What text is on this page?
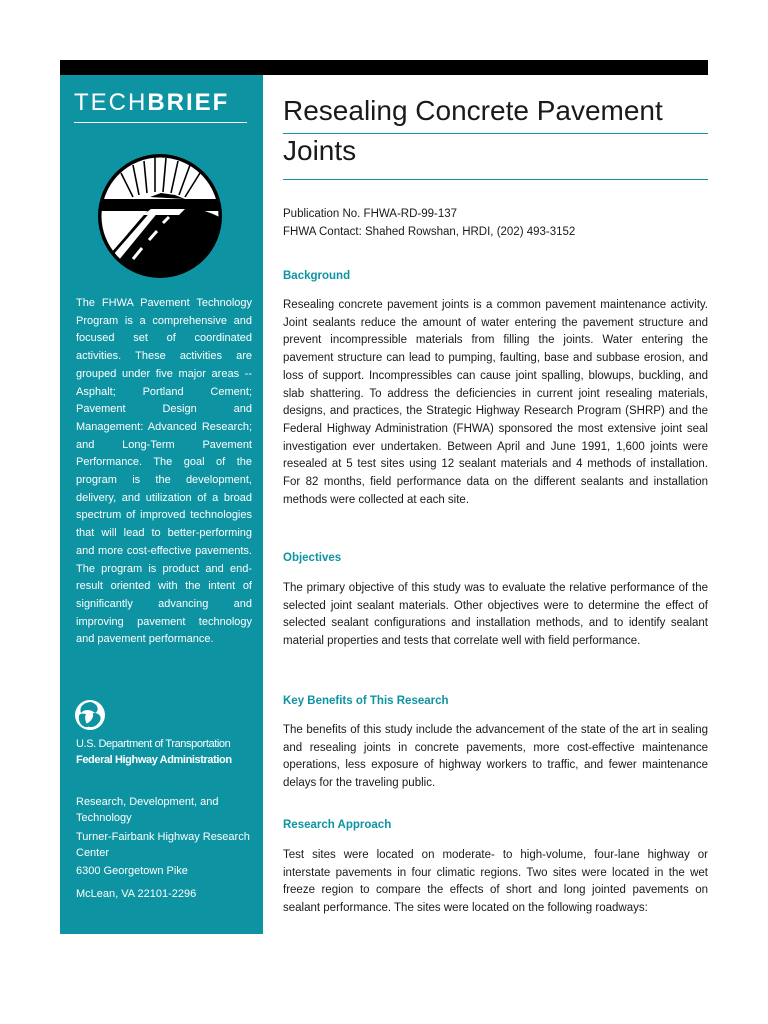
TECHBRIEF

The FHWA Pavement Technology Program is a comprehensive and focused set of coordinated activities. These activities are grouped under five major areas -- Asphalt; Portland Cement; Pavement Design and Management: Advanced Research; and Long-Term Pavement Performance. The goal of the program is the development, delivery, and utilization of a broad spectrum of improved technologies that will lead to better-performing and more cost-effective pavements. The program is product and end-result oriented with the intent of significantly advancing and improving pavement technology and pavement performance.

U.S. Department of Transportation
Federal Highway Administration

Research, Development, and Technology

Turner-Fairbank Highway Research Center

6300 Georgetown Pike

McLean, VA 22101-2296

Resealing Concrete Pavement Joints
Publication No. FHWA-RD-99-137
FHWA Contact: Shahed Rowshan, HRDI, (202) 493-3152
Background

Resealing concrete pavement joints is a common pavement maintenance activity. Joint sealants reduce the amount of water entering the pavement structure and prevent incompressible materials from filling the joints. Water entering the pavement structure can lead to pumping, faulting, base and subbase erosion, and loss of support. Incompressibles can cause joint spalling, blowups, buckling, and slab shattering. To address the deficiencies in current joint resealing materials, designs, and practices, the Strategic Highway Research Program (SHRP) and the Federal Highway Administration (FHWA) sponsored the most extensive joint seal investigation ever undertaken. Between April and June 1991, 1,600 joints were resealed at 5 test sites using 12 sealant materials and 4 methods of installation. For 82 months, field performance data on the different sealants and installation methods were collected at each site.

Objectives

The primary objective of this study was to evaluate the relative performance of the selected joint sealant materials. Other objectives were to determine the effect of selected sealant configurations and installation methods, and to identify sealant material properties and tests that correlate well with field performance.

Key Benefits of This Research

The benefits of this study include the advancement of the state of the art in sealing and resealing joints in concrete pavements, more cost-effective maintenance operations, less exposure of highway workers to traffic, and fewer maintenance delays for the traveling public.

Research Approach

Test sites were located on moderate- to high-volume, four-lane highway or interstate pavements in four climatic regions. Two sites were located in the wet freeze region to compare the effects of short and long jointed pavements on sealant performance. The sites were located on the following roadways:
